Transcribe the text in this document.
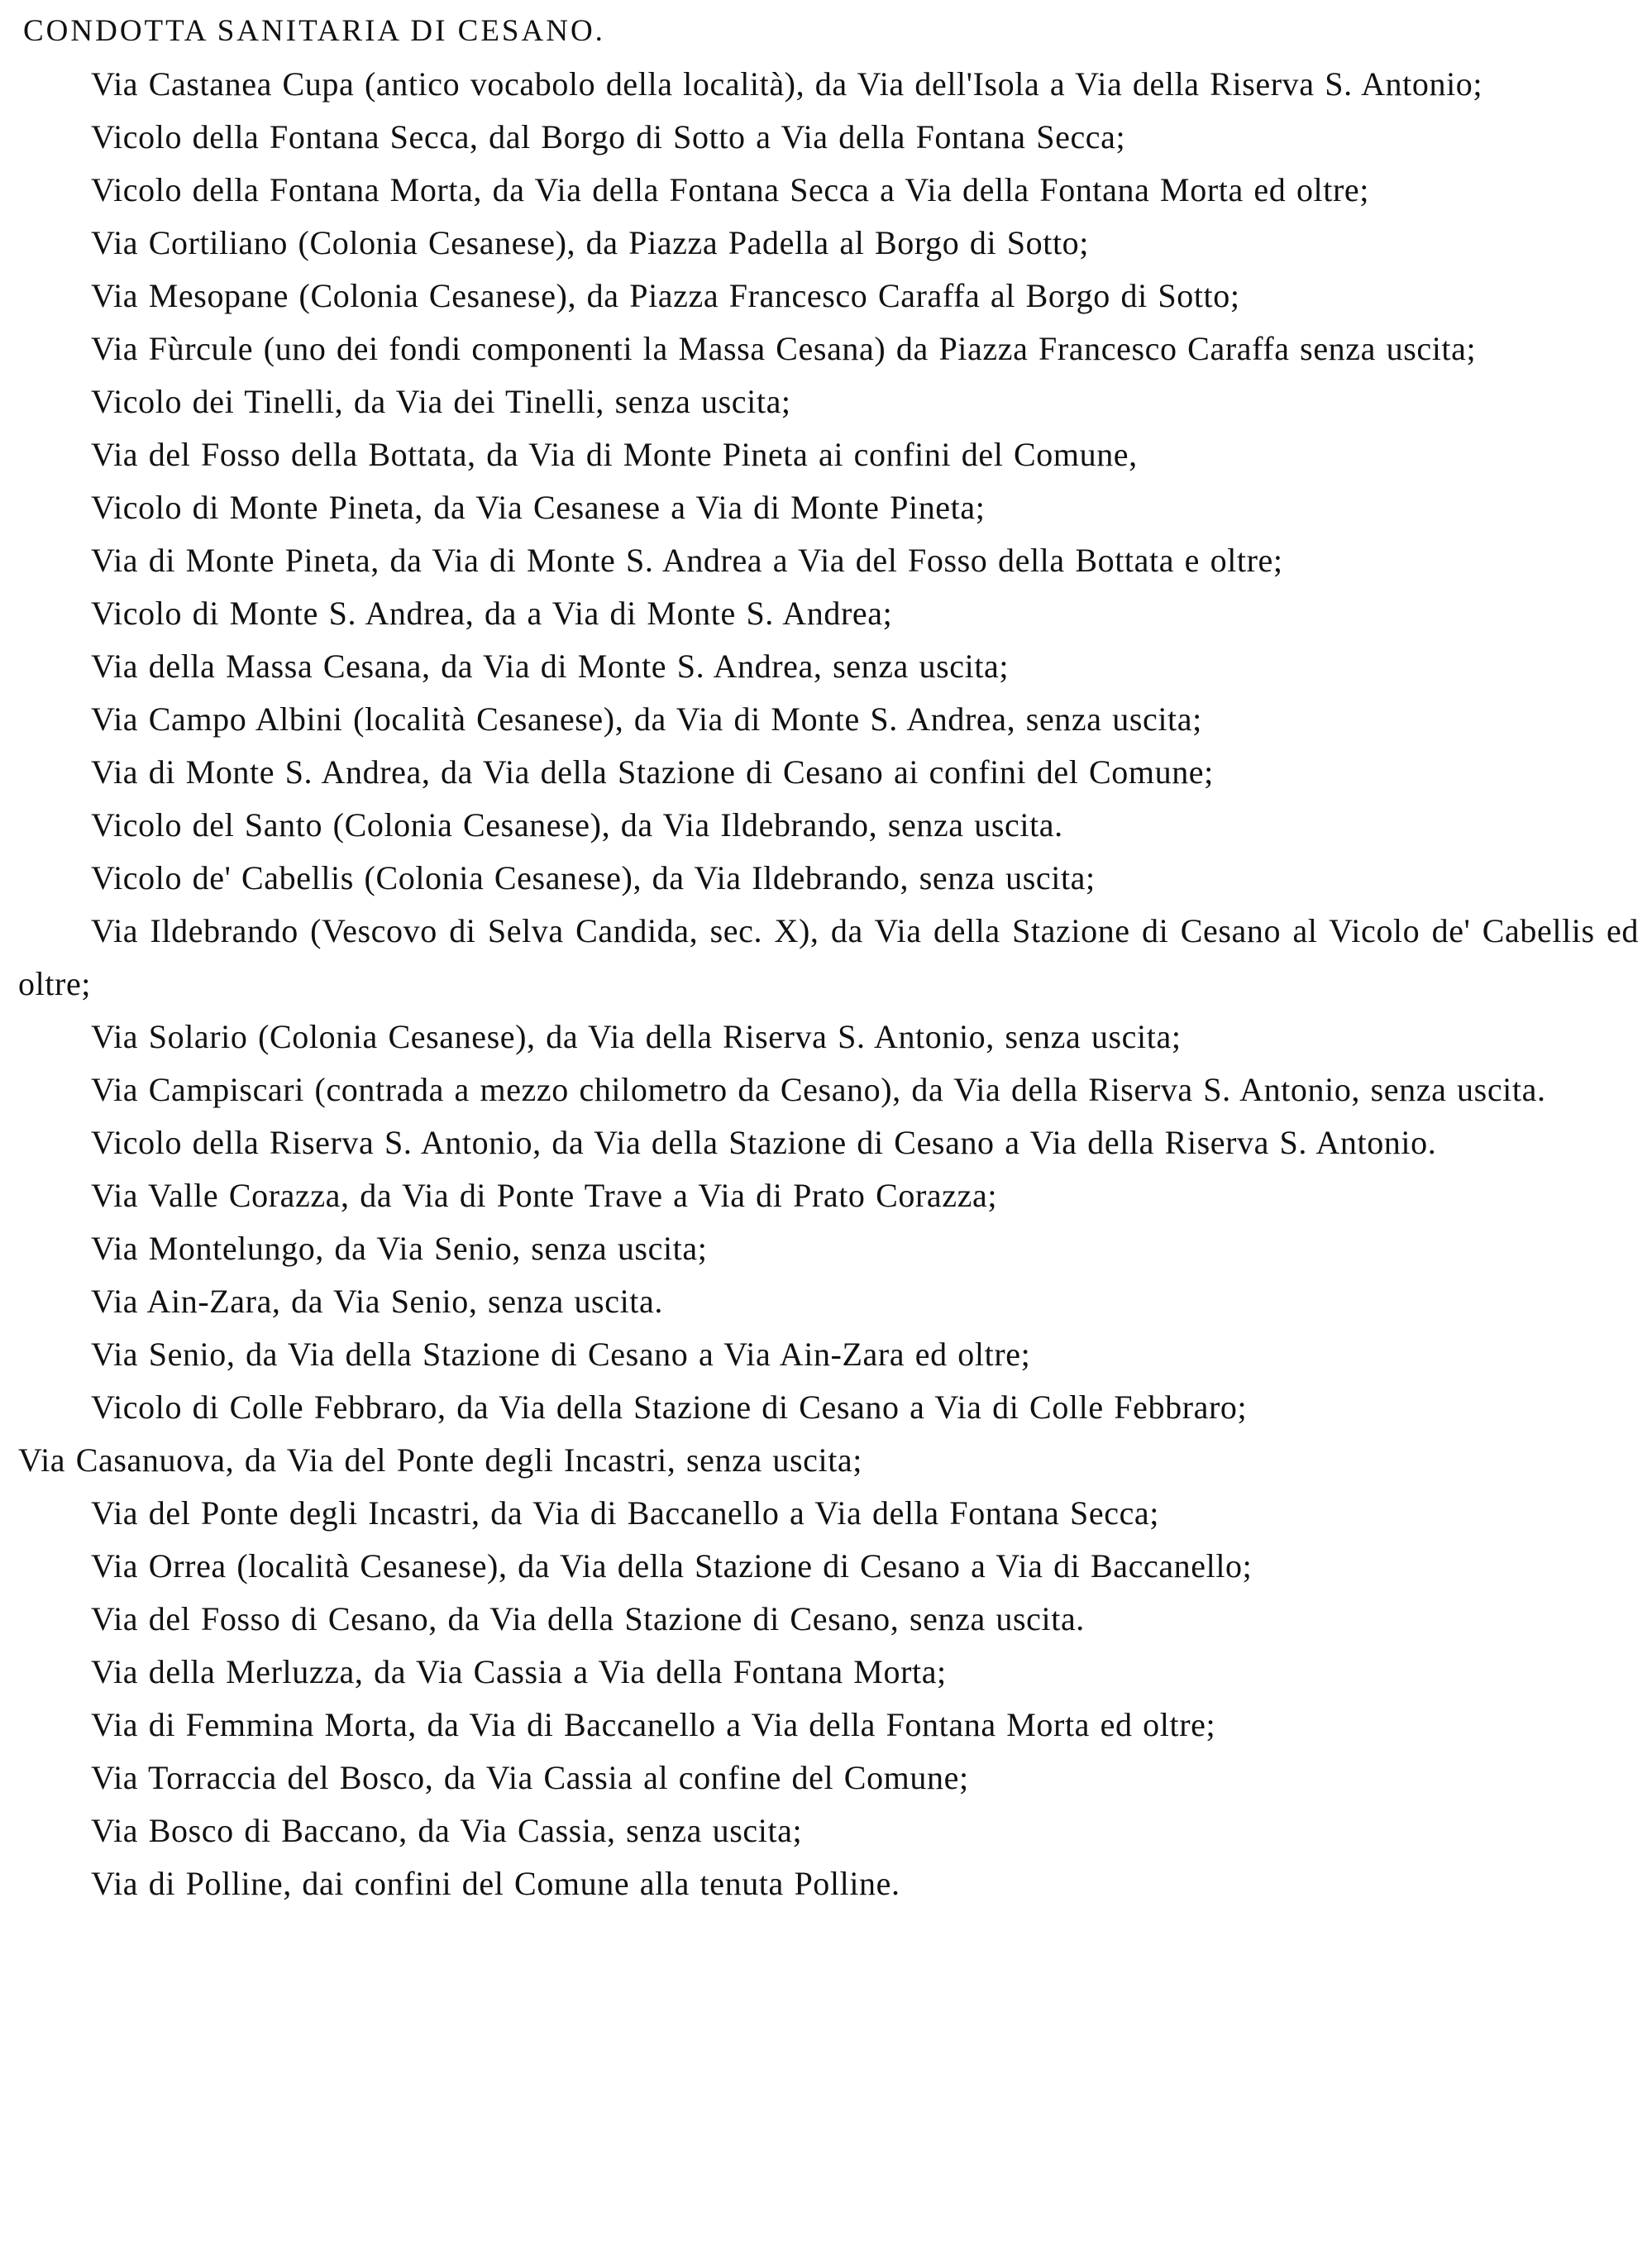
CONDOTTA SANITARIA DI CESANO.

Via Castanea Cupa (antico vocabolo della località), da Via dell'Isola a Via della Riserva S. Antonio;

Vicolo della Fontana Secca, dal Borgo di Sotto a Via della Fontana Secca;

Vicolo della Fontana Morta, da Via della Fontana Secca a Via della Fontana Morta ed oltre;

Via Cortiliano (Colonia Cesanese), da Piazza Padella al Borgo di Sotto;

Via Mesopane (Colonia Cesanese), da Piazza Francesco Caraffa al Borgo di Sotto;

Via Fùrcule (uno dei fondi componenti la Massa Cesana) da Piazza Francesco Caraffa senza uscita;

Vicolo dei Tinelli, da Via dei Tinelli, senza uscita;

Via del Fosso della Bottata, da Via di Monte Pineta ai confini del Comune,

Vicolo di Monte Pineta, da Via Cesanese a Via di Monte Pineta;

Via di Monte Pineta, da Via di Monte S. Andrea a Via del Fosso della Bottata e oltre;

Vicolo di Monte S. Andrea, da a Via di Monte S. Andrea;

Via della Massa Cesana, da Via di Monte S. Andrea, senza uscita;

Via Campo Albini (località Cesanese), da Via di Monte S. Andrea, senza uscita;

Via di Monte S. Andrea, da Via della Stazione di Cesano ai confini del Comune;

Vicolo del Santo (Colonia Cesanese), da Via Ildebrando, senza uscita.

Vicolo de' Cabellis (Colonia Cesanese), da Via Ildebrando, senza uscita;

Via Ildebrando (Vescovo di Selva Candida, sec. X), da Via della Stazione di Cesano al Vicolo de' Cabellis ed oltre;

Via Solario (Colonia Cesanese), da Via della Riserva S. Antonio, senza uscita;

Via Campiscari (contrada a mezzo chilometro da Cesano), da Via della Riserva S. Antonio, senza uscita.

Vicolo della Riserva S. Antonio, da Via della Stazione di Cesano a Via della Riserva S. Antonio.

Via Valle Corazza, da Via di Ponte Trave a Via di Prato Corazza;

Via Montelungo, da Via Senio, senza uscita;

Via Ain-Zara, da Via Senio, senza uscita.

Via Senio, da Via della Stazione di Cesano a Via Ain-Zara ed oltre;

Vicolo di Colle Febbraro, da Via della Stazione di Cesano a Via di Colle Febbraro;

Via Casanuova, da Via del Ponte degli Incastri, senza uscita;

Via del Ponte degli Incastri, da Via di Baccanello a Via della Fontana Secca;

Via Orrea (località Cesanese), da Via della Stazione di Cesano a Via di Baccanello;

Via del Fosso di Cesano, da Via della Stazione di Cesano, senza uscita.

Via della Merluzza, da Via Cassia a Via della Fontana Morta;

Via di Femmina Morta, da Via di Baccanello a Via della Fontana Morta ed oltre;

Via Torraccia del Bosco, da Via Cassia al confine del Comune;

Via Bosco di Baccano, da Via Cassia, senza uscita;

Via di Polline, dai confini del Comune alla tenuta Polline.
